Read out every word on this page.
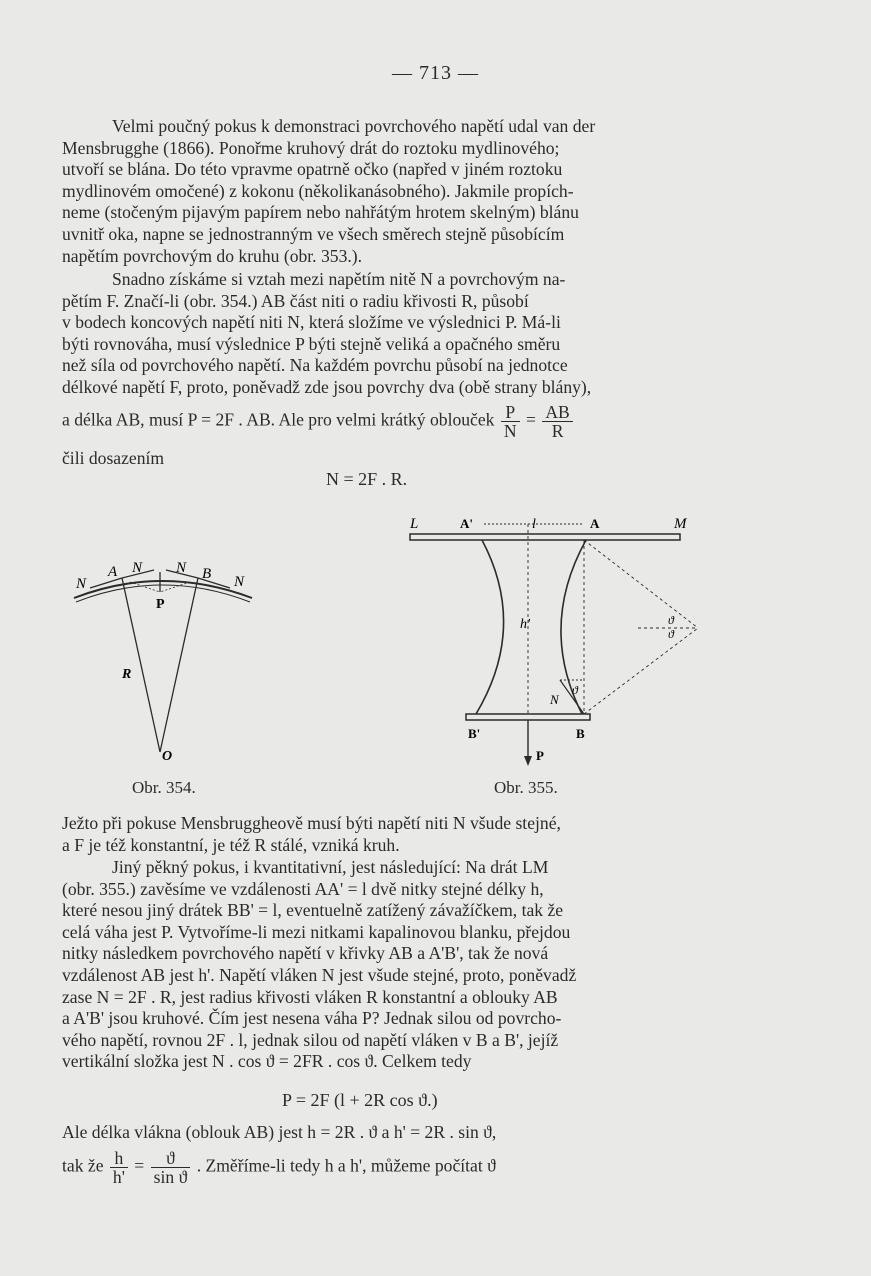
— 713 —

Velmi poučný pokus k demonstraci povrchového napětí udal van der

Mensbrugghe (1866). Ponořme kruhový drát do roztoku mydlinového;

utvoří se blána. Do této vpravme opatrně očko (napřed v jiném roztoku

mydlinovém omočené) z kokonu (několikanásobného). Jakmile propích-

neme (stočeným pijavým papírem nebo nahřátým hrotem skelným) blánu

uvnitř oka, napne se jednostranným ve všech směrech stejně působícím

napětím povrchovým do kruhu (obr. 353.).

Snadno získáme si vztah mezi napětím nitě N a povrchovým na-

pětím F. Značí-li (obr. 354.) AB část niti o radiu křivosti R, působí

v bodech koncových napětí niti N, která složíme ve výslednici P. Má-li

býti rovnováha, musí výslednice P býti stejně veliká a opačného směru

než síla od povrchového napětí. Na každém povrchu působí na jednotce

délkové napětí F, proto, poněvadž zde jsou povrchy dva (obě strany blány),

a délka AB, musí P = 2F . AB. Ale pro velmi krátký oblouček $\frac{P}{N} = \frac{AB}{R}$
čili dosazením
N = 2F . R.
N
A N N B N
P
R
O
Obr. 354.
L	A'	l	A	M
h'	ϑ
ϑ
ϑ
N
B'	B
P
Obr. 355.

Ježto při pokuse Mensbruggheově musí býti napětí niti N všude stejné,

a F je též konstantní, je též R stálé, vzniká kruh.

Jiný pěkný pokus, i kvantitativní, jest následující: Na drát LM

(obr. 355.) zavěsíme ve vzdálenosti AA' = l dvě nitky stejné délky h,

které nesou jiný drátek BB' = l, eventuelně zatížený závažíčkem, tak že

celá váha jest P. Vytvoříme-li mezi nitkami kapalinovou blanku, přejdou

nitky následkem povrchového napětí v křivky AB a A'B', tak že nová

vzdálenost AB jest h'. Napětí vláken N jest všude stejné, proto, poněvadž

zase N = 2F . R, jest radius křivosti vláken R konstantní a oblouky AB

a A'B' jsou kruhové. Čím jest nesena váha P? Jednak silou od povrcho-

vého napětí, rovnou 2F . l, jednak silou od napětí vláken v B a B', jejíž

vertikální složka jest N . cos ϑ = 2FR . cos ϑ. Celkem tedy

P = 2F (l + 2R cos ϑ.)

Ale délka vlákna (oblouk AB) jest h = 2R . ϑ a h' = 2R . sin ϑ,

tak že $\frac{h}{h'} = \frac{ϑ}{\text{sin ϑ}}$ . Změříme-li tedy h a h', můžeme počítat ϑ
